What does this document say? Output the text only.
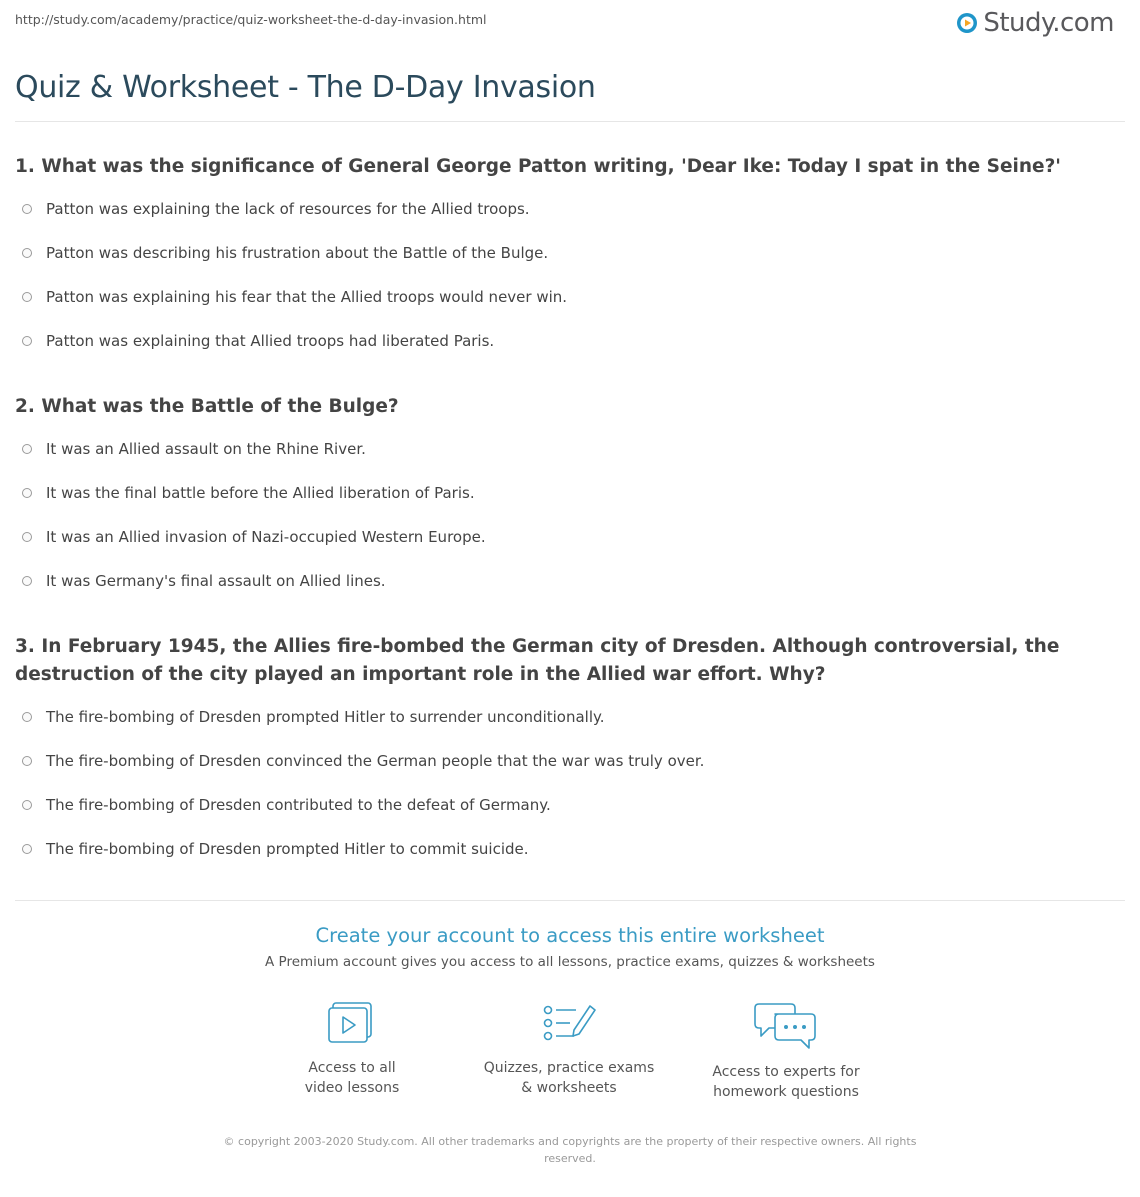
http://study.com/academy/practice/quiz-worksheet-the-d-day-invasion.html	Study.com
Quiz & Worksheet - The D-Day Invasion
1. What was the significance of General George Patton writing, 'Dear Ike: Today I spat in the Seine?'
Patton was explaining the lack of resources for the Allied troops.
Patton was describing his frustration about the Battle of the Bulge.
Patton was explaining his fear that the Allied troops would never win.
Patton was explaining that Allied troops had liberated Paris.
2. What was the Battle of the Bulge?
It was an Allied assault on the Rhine River.
It was the final battle before the Allied liberation of Paris.
It was an Allied invasion of Nazi-occupied Western Europe.
It was Germany's final assault on Allied lines.
3. In February 1945, the Allies fire-bombed the German city of Dresden. Although controversial, the destruction of the city played an important role in the Allied war effort. Why?
The fire-bombing of Dresden prompted Hitler to surrender unconditionally.
The fire-bombing of Dresden convinced the German people that the war was truly over.
The fire-bombing of Dresden contributed to the defeat of Germany.
The fire-bombing of Dresden prompted Hitler to commit suicide.
Create your account to access this entire worksheet
A Premium account gives you access to all lessons, practice exams, quizzes & worksheets
Access to all
video lessons
Quizzes, practice exams
& worksheets
Access to experts for
homework questions
© copyright 2003-2020 Study.com. All other trademarks and copyrights are the property of their respective owners. All rights reserved.
